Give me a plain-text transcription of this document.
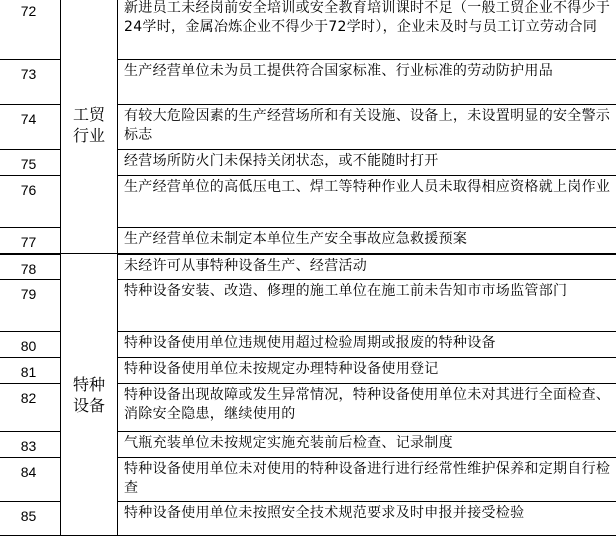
72	工贸行业	新进员工未经岗前安全培训或安全教育培训课时不足（一般工贸企业不得少于24学时，金属冶炼企业不得少于72学时），企业未及时与员工订立劳动合同
73		生产经营单位未为员工提供符合国家标准、行业标准的劳动防护用品
74		有较大危险因素的生产经营场所和有关设施、设备上，未设置明显的安全警示标志
75		经营场所防火门未保持关闭状态，或不能随时打开
76		生产经营单位的高低压电工、焊工等特种作业人员未取得相应资格就上岗作业
77		生产经营单位未制定本单位生产安全事故应急救援预案
78	特种设备	未经许可从事特种设备生产、经营活动
79		特种设备安装、改造、修理的施工单位在施工前未告知市市场监管部门
80		特种设备使用单位违规使用超过检验周期或报废的特种设备
81		特种设备使用单位未按规定办理特种设备使用登记
82		特种设备出现故障或发生异常情况，特种设备使用单位未对其进行全面检查、消除安全隐患，继续使用的
83		气瓶充装单位未按规定实施充装前后检查、记录制度
84		特种设备使用单位未对使用的特种设备进行进行经常性维护保养和定期自行检查
85		特种设备使用单位未按照安全技术规范要求及时申报并接受检验
